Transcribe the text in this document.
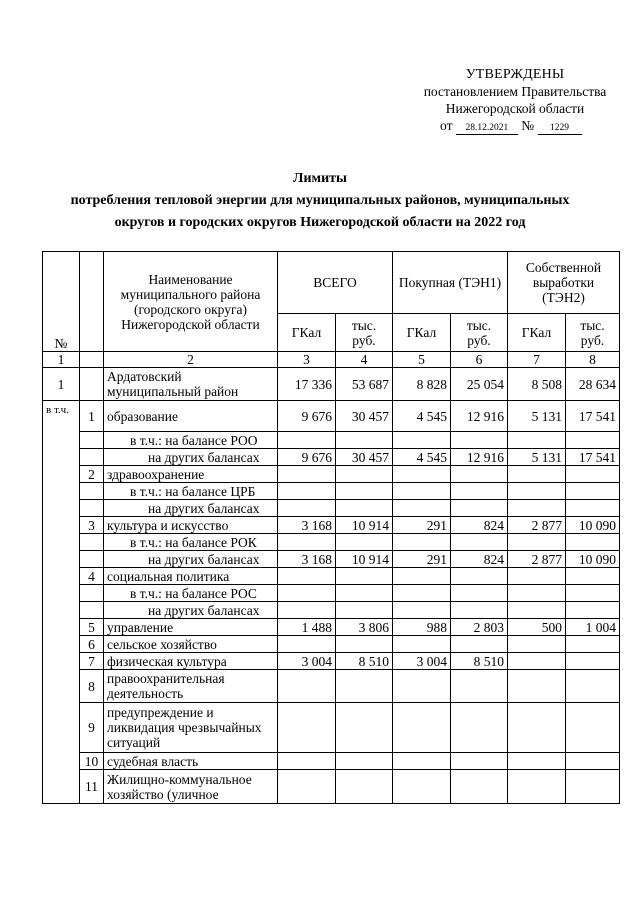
УТВЕРЖДЕНЫ
постановлением Правительства
Нижегородской области
от 28.12.2021 № 1229
Лимиты
потребления тепловой энергии для муниципальных районов, муниципальных
округов и городских округов Нижегородской области на 2022 год
№		Наименование муниципального района (городского округа) Нижегородской области	ВСЕГО		Покупная (ТЭН1)		Собственной выработки (ТЭН2)	
			ГКал	тыс. руб.	ГКал	тыс. руб.	ГКал	тыс. руб.
1		2	3	4	5	6	7	8
1		Ардатовский муниципальный район	17 336	53 687	8 828	25 054	8 508	28 634
в т.ч.	1	образование	9 676	30 457	4 545	12 916	5 131	17 541
		в т.ч.: на балансе РОО						
		на других балансах	9 676	30 457	4 545	12 916	5 131	17 541
	2	здравоохранение						
		в т.ч.: на балансе ЦРБ						
		на других балансах						
	3	культура и искусство	3 168	10 914	291	824	2 877	10 090
		в т.ч.: на балансе РОК						
		на других балансах	3 168	10 914	291	824	2 877	10 090
	4	социальная политика						
		в т.ч.: на балансе РОС						
		на других балансах						
	5	управление	1 488	3 806	988	2 803	500	1 004
	6	сельское хозяйство						
	7	физическая культура	3 004	8 510	3 004	8 510		
	8	правоохранительная деятельность						
	9	предупреждение и ликвидация чрезвычайных ситуаций						
	10	судебная власть						
	11	Жилищно-коммунальное хозяйство (уличное						
